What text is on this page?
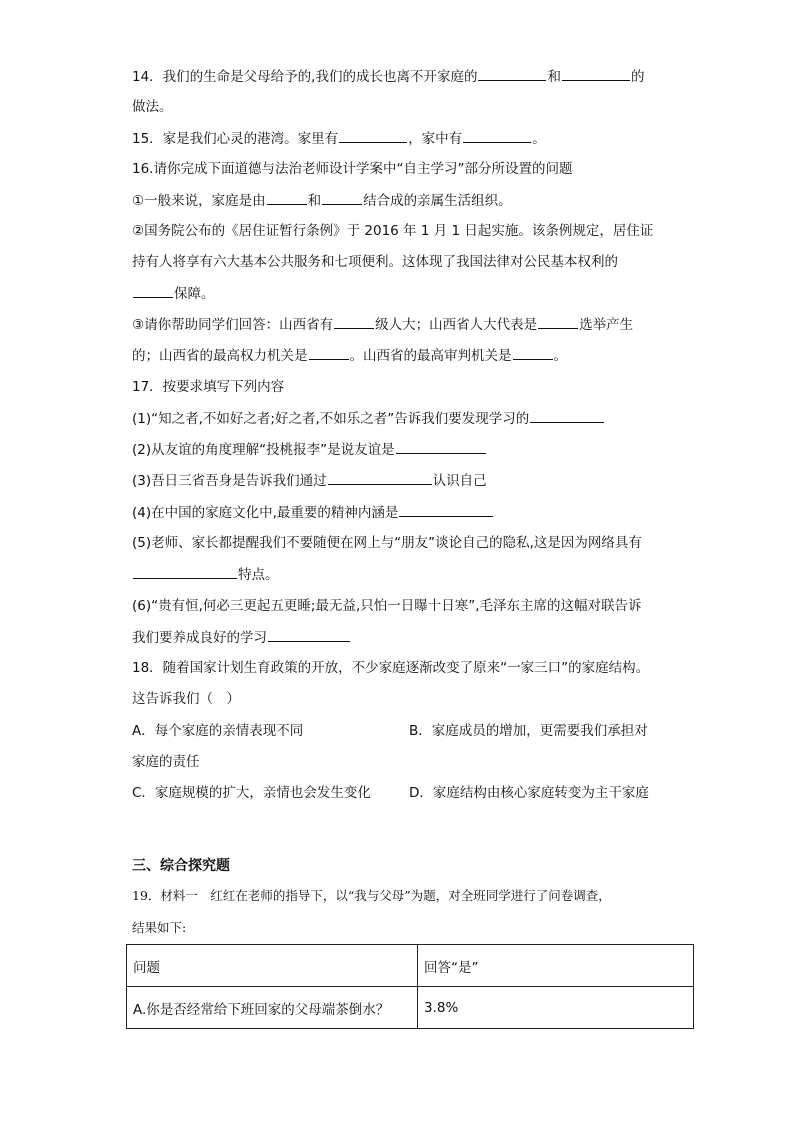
14．我们的生命是父母给予的,我们的成长也离不开家庭的	和	的
做法。
15．家是我们心灵的港湾。家里有	，家中有	。
16.请你完成下面道德与法治老师设计学案中“自主学习”部分所设置的问题
①一般来说，家庭是由	和	结合成的亲属生活组织。
②国务院公布的《居住证暂行条例》于 2016 年 1 月 1 日起实施。该条例规定，居住证
持有人将享有六大基本公共服务和七项便利。这体现了我国法律对公民基本权利的
保障。
③请你帮助同学们回答：山西省有	级人大；山西省人大代表是	选举产生
的；山西省的最高权力机关是	。山西省的最高审判机关是	。
17．按要求填写下列内容
(1)“知之者,不如好之者;好之者,不如乐之者”告诉我们要发现学习的
(2)从友谊的角度理解“投桃报李”是说友谊是
(3)吾日三省吾身是告诉我们通过	认识自己
(4)在中国的家庭文化中,最重要的精神内涵是
(5)老师、家长都提醒我们不要随便在网上与“朋友”谈论自己的隐私,这是因为网络具有
特点。
(6)“贵有恒,何必三更起五更睡;最无益,只怕一日曝十日寒”,毛泽东主席的这幅对联告诉
我们要养成良好的学习
18．随着国家计划生育政策的开放，不少家庭逐渐改变了原来“一家三口”的家庭结构。
这告诉我们（　）
A．每个家庭的亲情表现不同	B．家庭成员的增加，更需要我们承担对
家庭的责任
C．家庭规模的扩大，亲情也会发生变化	D．家庭结构由核心家庭转变为主干家庭
三、综合探究题
19．材料一　红红在老师的指导下，以“我与父母”为题，对全班同学进行了问卷调查，
结果如下:
问题	回答“是”
A.你是否经常给下班回家的父母端茶倒水？	3.8%
